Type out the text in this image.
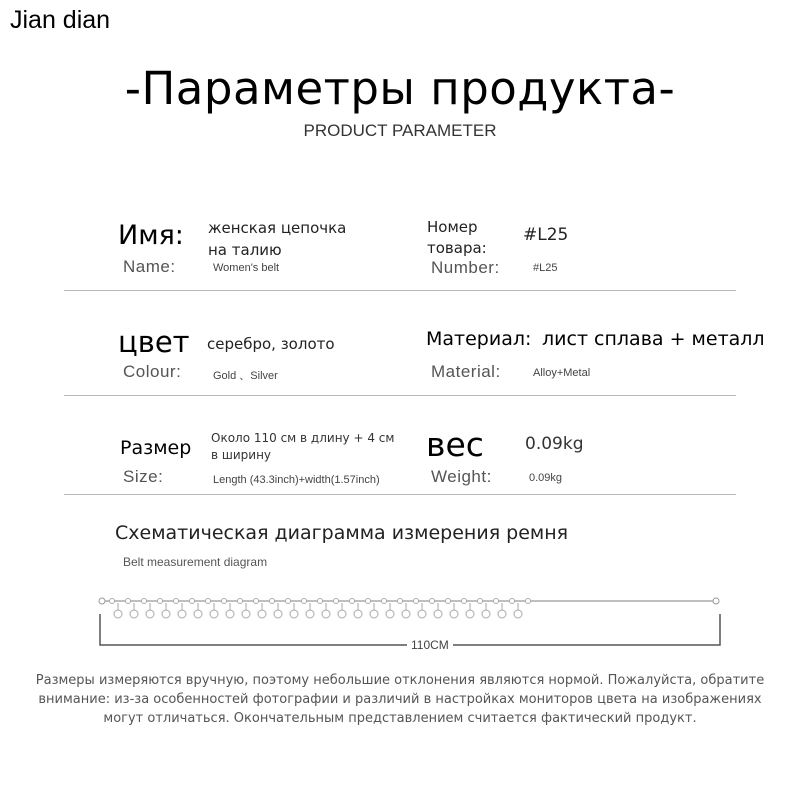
Jian dian
-Параметры продукта-
PRODUCT PARAMETER
Имя:
Name:
женская цепочка
на талию
Women's belt
Номер
товара:
Number:
#L25
#L25
цвет
Colour:
серебро, золото
Gold 、Silver
Материал: лист сплава + металл
Material:	Alloy+Metal
Размер
Size:
Около 110 см в длину + 4 см
в ширину
Length (43.3inch)+width(1.57inch)
вес
Weight:
0.09kg
0.09kg
Схематическая диаграмма измерения ремня
Belt measurement diagram
110CM
Размеры измеряются вручную, поэтому небольшие отклонения являются нормой. Пожалуйста, обратите
внимание: из-за особенностей фотографии и различий в настройках мониторов цвета на изображениях
могут отличаться. Окончательным представлением считается фактический продукт.
